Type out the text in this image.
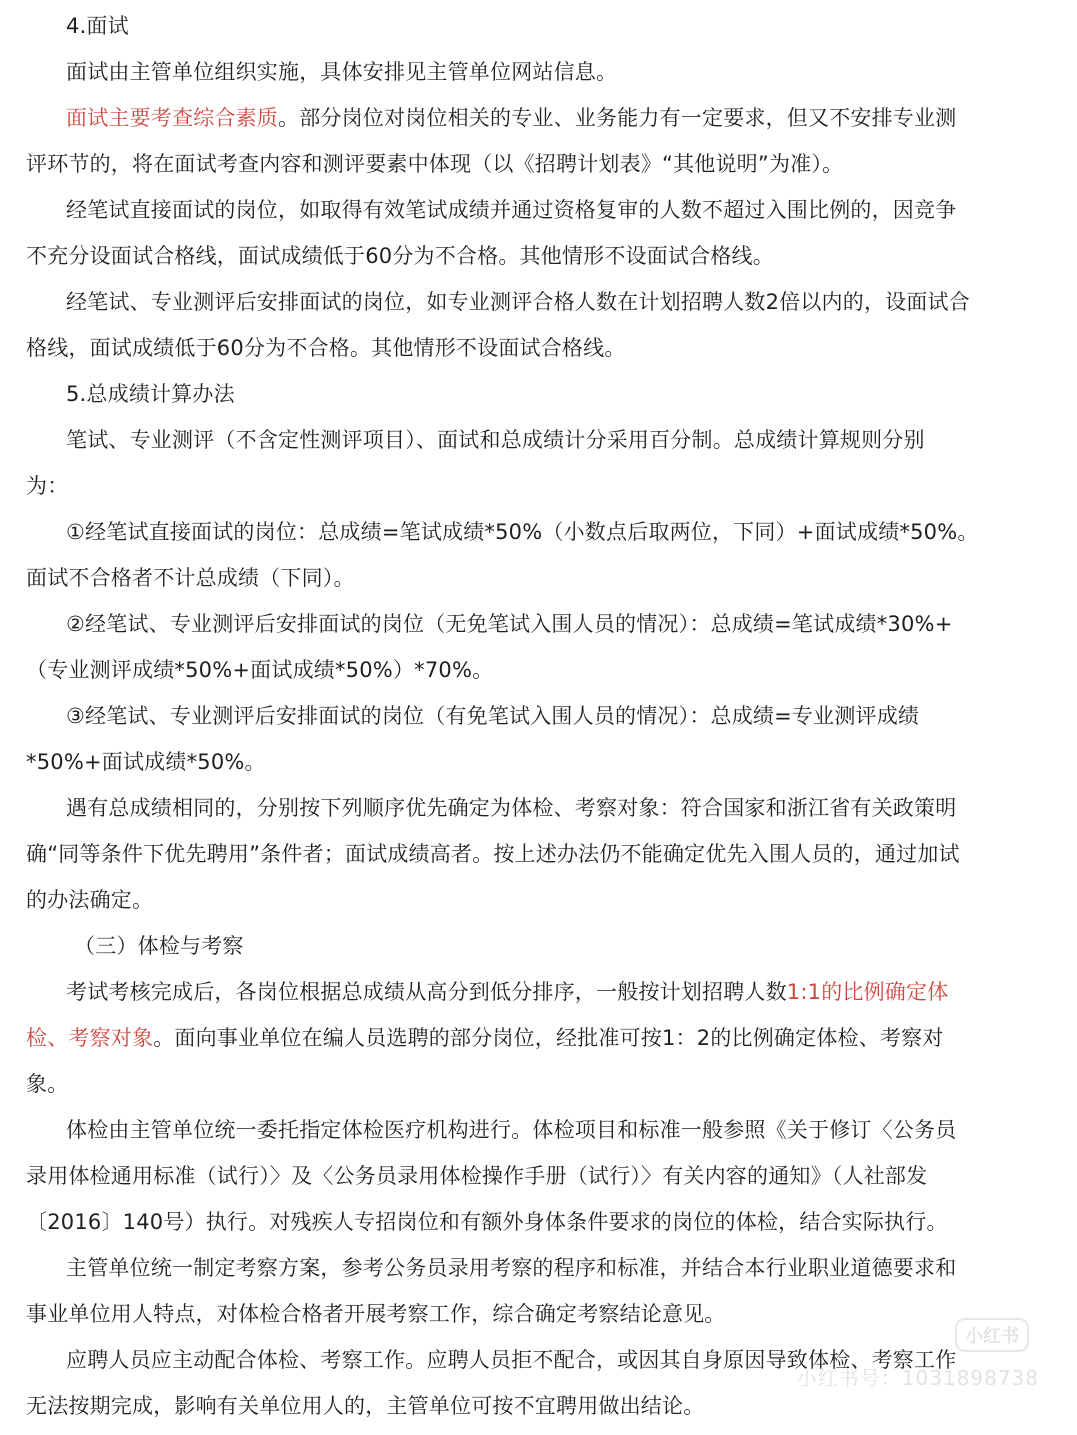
4.面试
面试由主管单位组织实施，具体安排见主管单位网站信息。
面试主要考查综合素质。部分岗位对岗位相关的专业、业务能力有一定要求，但又不安排专业测
评环节的，将在面试考查内容和测评要素中体现（以《招聘计划表》“其他说明”为准）。
经笔试直接面试的岗位，如取得有效笔试成绩并通过资格复审的人数不超过入围比例的，因竞争
不充分设面试合格线，面试成绩低于60分为不合格。其他情形不设面试合格线。
经笔试、专业测评后安排面试的岗位，如专业测评合格人数在计划招聘人数2倍以内的，设面试合
格线，面试成绩低于60分为不合格。其他情形不设面试合格线。
5.总成绩计算办法
笔试、专业测评（不含定性测评项目）、面试和总成绩计分采用百分制。总成绩计算规则分别
为：
①经笔试直接面试的岗位：总成绩=笔试成绩*50%（小数点后取两位，下同）+面试成绩*50%。
面试不合格者不计总成绩（下同）。
②经笔试、专业测评后安排面试的岗位（无免笔试入围人员的情况）：总成绩=笔试成绩*30%+
（专业测评成绩*50%+面试成绩*50%）*70%。
③经笔试、专业测评后安排面试的岗位（有免笔试入围人员的情况）：总成绩=专业测评成绩
*50%+面试成绩*50%。
遇有总成绩相同的，分别按下列顺序优先确定为体检、考察对象：符合国家和浙江省有关政策明
确“同等条件下优先聘用”条件者；面试成绩高者。按上述办法仍不能确定优先入围人员的，通过加试
的办法确定。
（三）体检与考察
考试考核完成后，各岗位根据总成绩从高分到低分排序，一般按计划招聘人数1:1的比例确定体
检、考察对象。面向事业单位在编人员选聘的部分岗位，经批准可按1：2的比例确定体检、考察对
象。
体检由主管单位统一委托指定体检医疗机构进行。体检项目和标准一般参照《关于修订〈公务员
录用体检通用标准（试行）〉及〈公务员录用体检操作手册（试行）〉有关内容的通知》（人社部发
〔2016〕140号）执行。对残疾人专招岗位和有额外身体条件要求的岗位的体检，结合实际执行。
主管单位统一制定考察方案，参考公务员录用考察的程序和标准，并结合本行业职业道德要求和
事业单位用人特点，对体检合格者开展考察工作，综合确定考察结论意见。
应聘人员应主动配合体检、考察工作。应聘人员拒不配合，或因其自身原因导致体检、考察工作
无法按期完成，影响有关单位用人的，主管单位可按不宜聘用做出结论。
小红书
小红书号：1031898738
